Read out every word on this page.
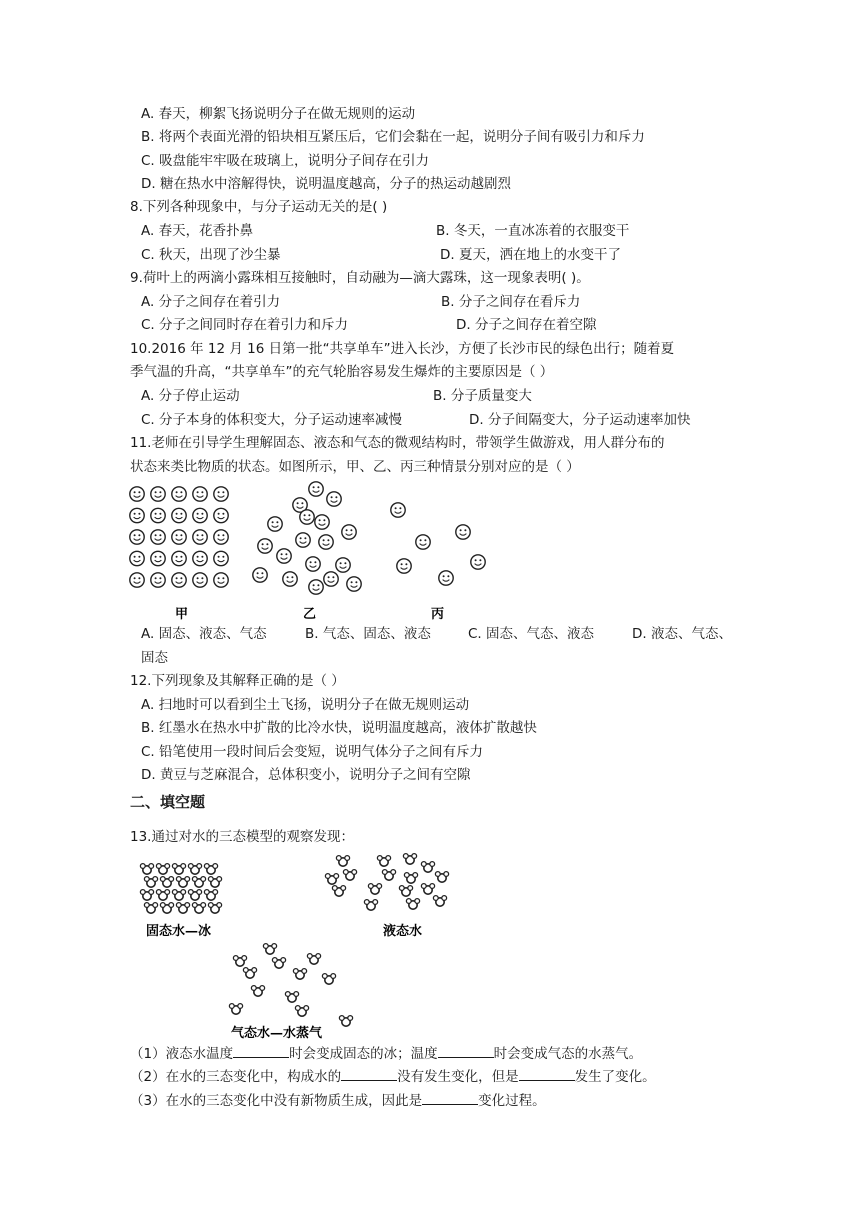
A. 春天，柳絮飞扬说明分子在做无规则的运动
B. 将两个表面光滑的铅块相互紧压后，它们会黏在一起，说明分子间有吸引力和斥力
C. 吸盘能牢牢吸在玻璃上，说明分子间存在引力
D. 糖在热水中溶解得快，说明温度越高，分子的热运动越剧烈
8.下列各种现象中，与分子运动无关的是( )
A. 春天，花香扑鼻	B. 冬天，一直冰冻着的衣服变干
C. 秋天，出现了沙尘暴	D. 夏天，洒在地上的水变干了
9.荷叶上的两滴小露珠相互接触时，自动融为—滴大露珠，这一现象表明( )。
A. 分子之间存在着引力	B. 分子之间存在看斥力
C. 分子之间同时存在着引力和斥力	D. 分子之间存在着空隙
10.2016 年 12 月 16 日第一批“共享单车”进入长沙，方便了长沙市民的绿色出行；随着夏
季气温的升高，“共享单车”的充气轮胎容易发生爆炸的主要原因是（ ）
A. 分子停止运动	B. 分子质量变大
C. 分子本身的体积变大，分子运动速率减慢	D. 分子间隔变大，分子运动速率加快
11.老师在引导学生理解固态、液态和气态的微观结构时，带领学生做游戏，用人群分布的
状态来类比物质的状态。如图所示，甲、乙、丙三种情景分别对应的是（ ）
甲	乙	丙
A. 固态、液态、气态	B. 气态、固态、液态	C. 固态、气态、液态	D. 液态、气态、
固态
12.下列现象及其解释正确的是（ ）
A. 扫地时可以看到尘土飞扬，说明分子在做无规则运动
B. 红墨水在热水中扩散的比冷水快，说明温度越高，液体扩散越快
C. 铅笔使用一段时间后会变短，说明气体分子之间有斥力
D. 黄豆与芝麻混合，总体积变小，说明分子之间有空隙
二、填空题
13.通过对水的三态模型的观察发现：
固态水—冰	液态水
气态水—水蒸气
（1）液态水温度	时会变成固态的冰；温度	时会变成气态的水蒸气。
（2）在水的三态变化中，构成水的	没有发生变化，但是	发生了变化。
（3）在水的三态变化中没有新物质生成，因此是	变化过程。
